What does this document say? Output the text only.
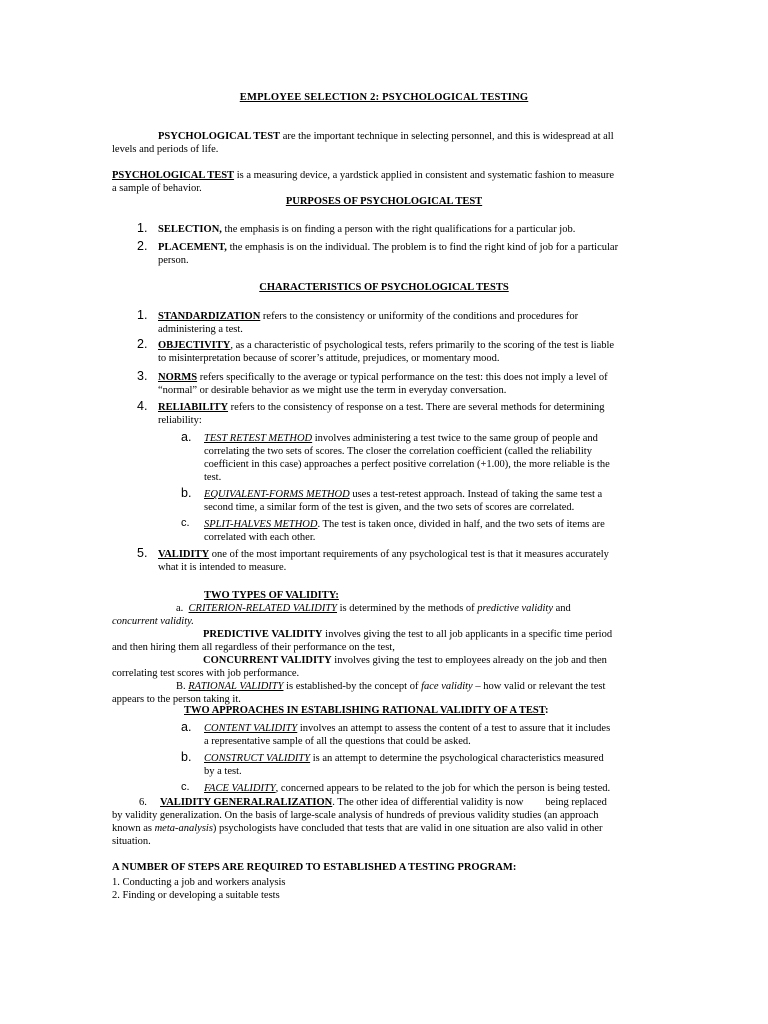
EMPLOYEE SELECTION 2: PSYCHOLOGICAL TESTING
PSYCHOLOGICAL TEST are the important technique in selecting personnel, and this is widespread at all
levels and periods of life.
PSYCHOLOGICAL TEST is a measuring device, a yardstick applied in consistent and systematic fashion to measure
a sample of behavior.
PURPOSES OF PSYCHOLOGICAL TEST
1. SELECTION, the emphasis is on finding a person with the right qualifications for a particular job.
2. PLACEMENT, the emphasis is on the individual. The problem is to find the right kind of job for a particular
person.
CHARACTERISTICS OF PSYCHOLOGICAL TESTS
1. STANDARDIZATION refers to the consistency or uniformity of the conditions and procedures for
administering a test.
2. OBJECTIVITY, as a characteristic of psychological tests, refers primarily to the scoring of the test is liable
to misinterpretation because of scorer’s attitude, prejudices, or momentary mood.
3. NORMS refers specifically to the average or typical performance on the test: this does not imply a level of
“normal” or desirable behavior as we might use the term in everyday conversation.
4. RELIABILITY refers to the consistency of response on a test. There are several methods for determining
reliability:
a. TEST RETEST METHOD involves administering a test twice to the same group of people and
correlating the two sets of scores. The closer the correlation coefficient (called the reliability
coefficient in this case) approaches a perfect positive correlation (+1.00), the more reliable is the
test.
b. EQUIVALENT-FORMS METHOD uses a test-retest approach. Instead of taking the same test a
second time, a similar form of the test is given, and the two sets of scores are correlated.
c. SPLIT-HALVES METHOD. The test is taken once, divided in half, and the two sets of items are
correlated with each other.
5. VALIDITY one of the most important requirements of any psychological test is that it measures accurately
what it is intended to measure.
TWO TYPES OF VALIDITY:
a. CRITERION-RELATED VALIDITY is determined by the methods of predictive validity and
concurrent validity.
PREDICTIVE VALIDITY involves giving the test to all job applicants in a specific time period
and then hiring them all regardless of their performance on the test,
CONCURRENT VALIDITY involves giving the test to employees already on the job and then
correlating test scores with job performance.
B. RATIONAL VALIDITY is established-by the concept of face validity – how valid or relevant the test
appears to the person taking it.
TWO APPROACHES IN ESTABLISHING RATIONAL VALIDITY OF A TEST:
a. CONTENT VALIDITY involves an attempt to assess the content of a test to assure that it includes
a representative sample of all the questions that could be asked.
b. CONSTRUCT VALIDITY is an attempt to determine the psychological characteristics measured
by a test.
c. FACE VALIDITY, concerned appears to be related to the job for which the person is being tested.
6. VALIDITY GENERALRALIZATION. The other idea of differential validity is now being replaced
by validity generalization. On the basis of large-scale analysis of hundreds of previous validity studies (an approach
known as meta-analysis) psychologists have concluded that tests that are valid in one situation are also valid in other
situation.
A NUMBER OF STEPS ARE REQUIRED TO ESTABLISHED A TESTING PROGRAM:
1. Conducting a job and workers analysis
2. Finding or developing a suitable tests
